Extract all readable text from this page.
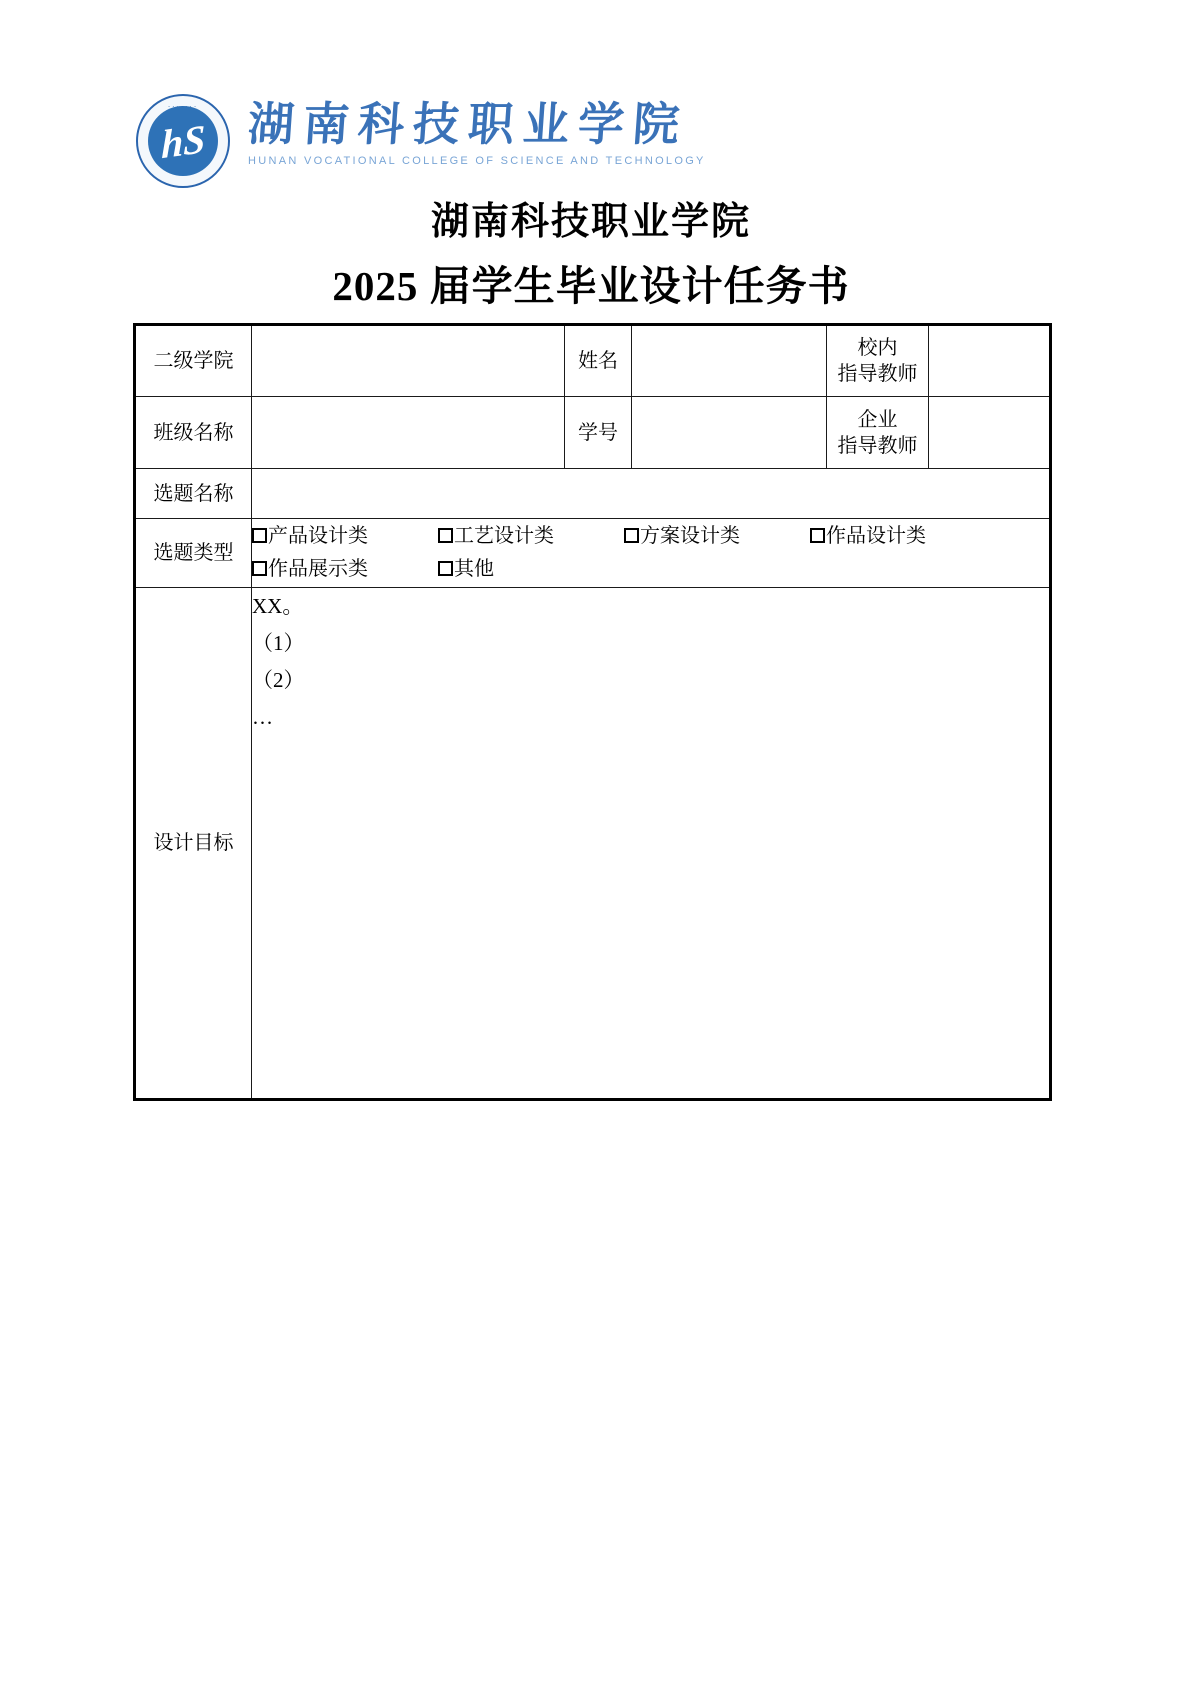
·······
hS 湖南科技职业学院
HUNAN VOCATIONAL COLLEGE OF SCIENCE AND TECHNOLOGY
湖南科技职业学院
2025 届学生毕业设计任务书
二级学院		姓名		校内
指导教师	

班级名称		学号		企业
指导教师	

选题名称					
选题类型	产品设计类 工艺设计类 方案设计类 作品设计类
作品展示类 其他				

设计目标	XX。
（1）
（2）
…				
